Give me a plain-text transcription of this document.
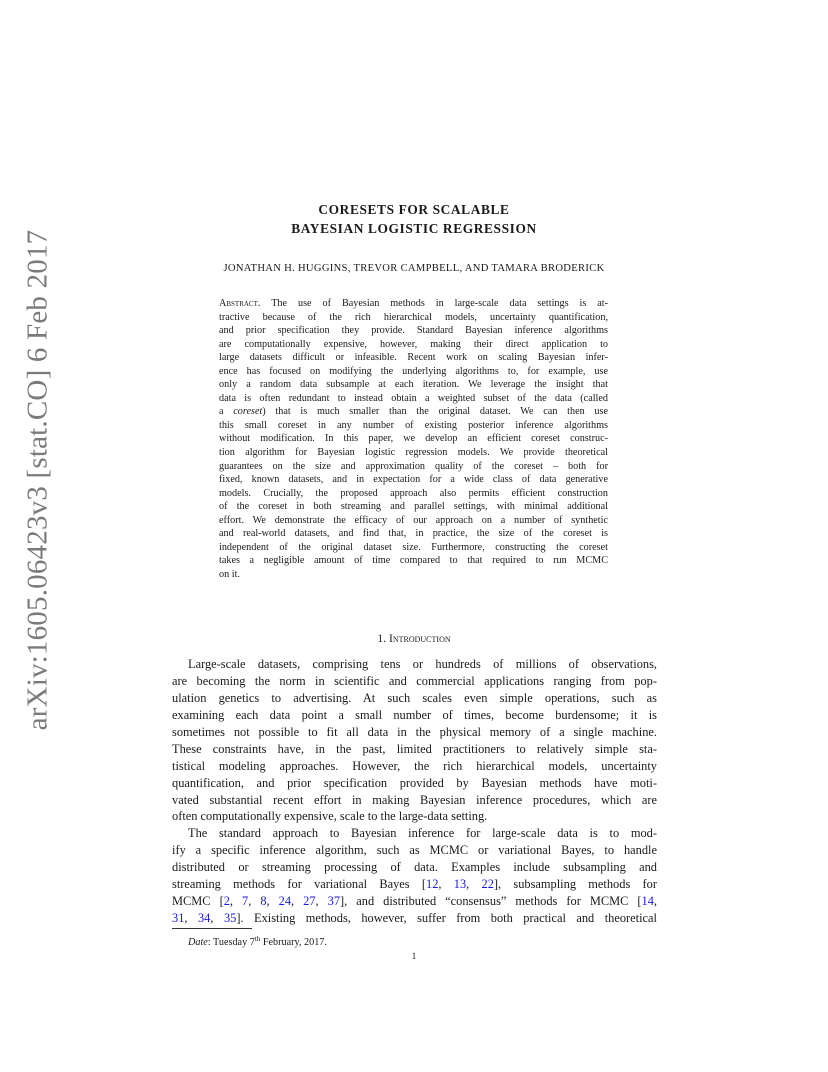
arXiv:1605.06423v3 [stat.CO] 6 Feb 2017
CORESETS FOR SCALABLE
BAYESIAN LOGISTIC REGRESSION
JONATHAN H. HUGGINS, TREVOR CAMPBELL, AND TAMARA BRODERICK
Abstract. The use of Bayesian methods in large-scale data settings is at-
tractive because of the rich hierarchical models, uncertainty quantification,
and prior specification they provide. Standard Bayesian inference algorithms
are computationally expensive, however, making their direct application to
large datasets difficult or infeasible. Recent work on scaling Bayesian infer-
ence has focused on modifying the underlying algorithms to, for example, use
only a random data subsample at each iteration. We leverage the insight that
data is often redundant to instead obtain a weighted subset of the data (called
a coreset) that is much smaller than the original dataset. We can then use
this small coreset in any number of existing posterior inference algorithms
without modification. In this paper, we develop an efficient coreset construc-
tion algorithm for Bayesian logistic regression models. We provide theoretical
guarantees on the size and approximation quality of the coreset – both for
fixed, known datasets, and in expectation for a wide class of data generative
models. Crucially, the proposed approach also permits efficient construction
of the coreset in both streaming and parallel settings, with minimal additional
effort. We demonstrate the efficacy of our approach on a number of synthetic
and real-world datasets, and find that, in practice, the size of the coreset is
independent of the original dataset size. Furthermore, constructing the coreset
takes a negligible amount of time compared to that required to run MCMC
on it.
1. Introduction
Large-scale datasets, comprising tens or hundreds of millions of observations,
are becoming the norm in scientific and commercial applications ranging from pop-
ulation genetics to advertising. At such scales even simple operations, such as
examining each data point a small number of times, become burdensome; it is
sometimes not possible to fit all data in the physical memory of a single machine.
These constraints have, in the past, limited practitioners to relatively simple sta-
tistical modeling approaches. However, the rich hierarchical models, uncertainty
quantification, and prior specification provided by Bayesian methods have moti-
vated substantial recent effort in making Bayesian inference procedures, which are
often computationally expensive, scale to the large-data setting.
The standard approach to Bayesian inference for large-scale data is to mod-
ify a specific inference algorithm, such as MCMC or variational Bayes, to handle
distributed or streaming processing of data. Examples include subsampling and
streaming methods for variational Bayes [12, 13, 22], subsampling methods for
MCMC [2, 7, 8, 24, 27, 37], and distributed “consensus” methods for MCMC [14,
31, 34, 35]. Existing methods, however, suffer from both practical and theoretical
Date: Tuesday 7th February, 2017.
1
